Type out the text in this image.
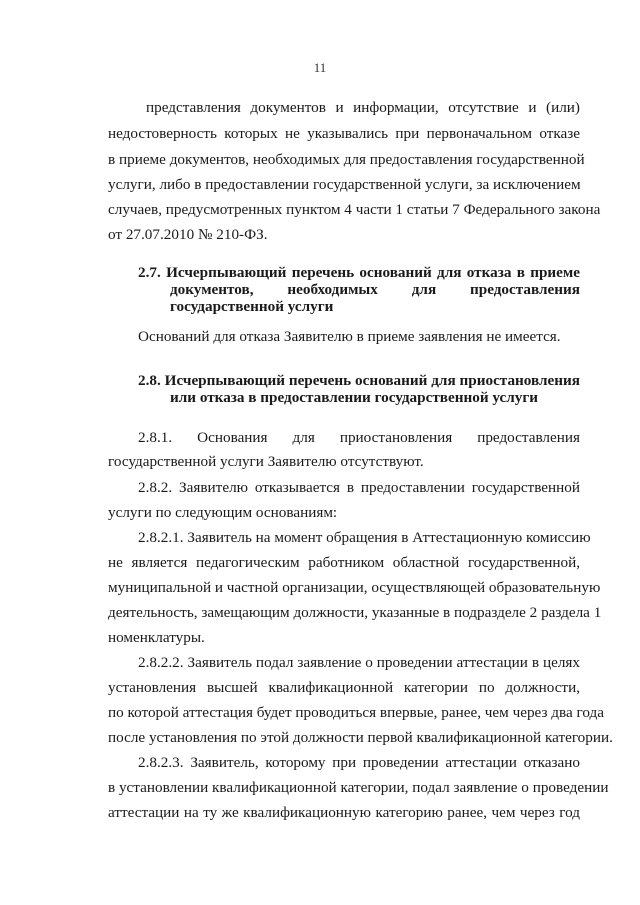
11
представления документов и информации, отсутствие и (или)
недостоверность которых не указывались при первоначальном отказе
в приеме документов, необходимых для предоставления государственной
услуги, либо в предоставлении государственной услуги, за исключением
случаев, предусмотренных пунктом 4 части 1 статьи 7 Федерального закона
от 27.07.2010 № 210-ФЗ.
2.7. Исчерпывающий перечень оснований для отказа в приеме
документов, необходимых для предоставления
государственной услуги
Оснований для отказа Заявителю в приеме заявления не имеется.
2.8. Исчерпывающий перечень оснований для приостановления
или отказа в предоставлении государственной услуги
2.8.1. Основания для приостановления предоставления
государственной услуги Заявителю отсутствуют.
2.8.2. Заявителю отказывается в предоставлении государственной
услуги по следующим основаниям:
2.8.2.1. Заявитель на момент обращения в Аттестационную комиссию
не является педагогическим работником областной государственной,
муниципальной и частной организации, осуществляющей образовательную
деятельность, замещающим должности, указанные в подразделе 2 раздела 1
номенклатуры.
2.8.2.2. Заявитель подал заявление о проведении аттестации в целях
установления высшей квалификационной категории по должности,
по которой аттестация будет проводиться впервые, ранее, чем через два года
после установления по этой должности первой квалификационной категории.
2.8.2.3. Заявитель, которому при проведении аттестации отказано
в установлении квалификационной категории, подал заявление о проведении
аттестации на ту же квалификационную категорию ранее, чем через год
